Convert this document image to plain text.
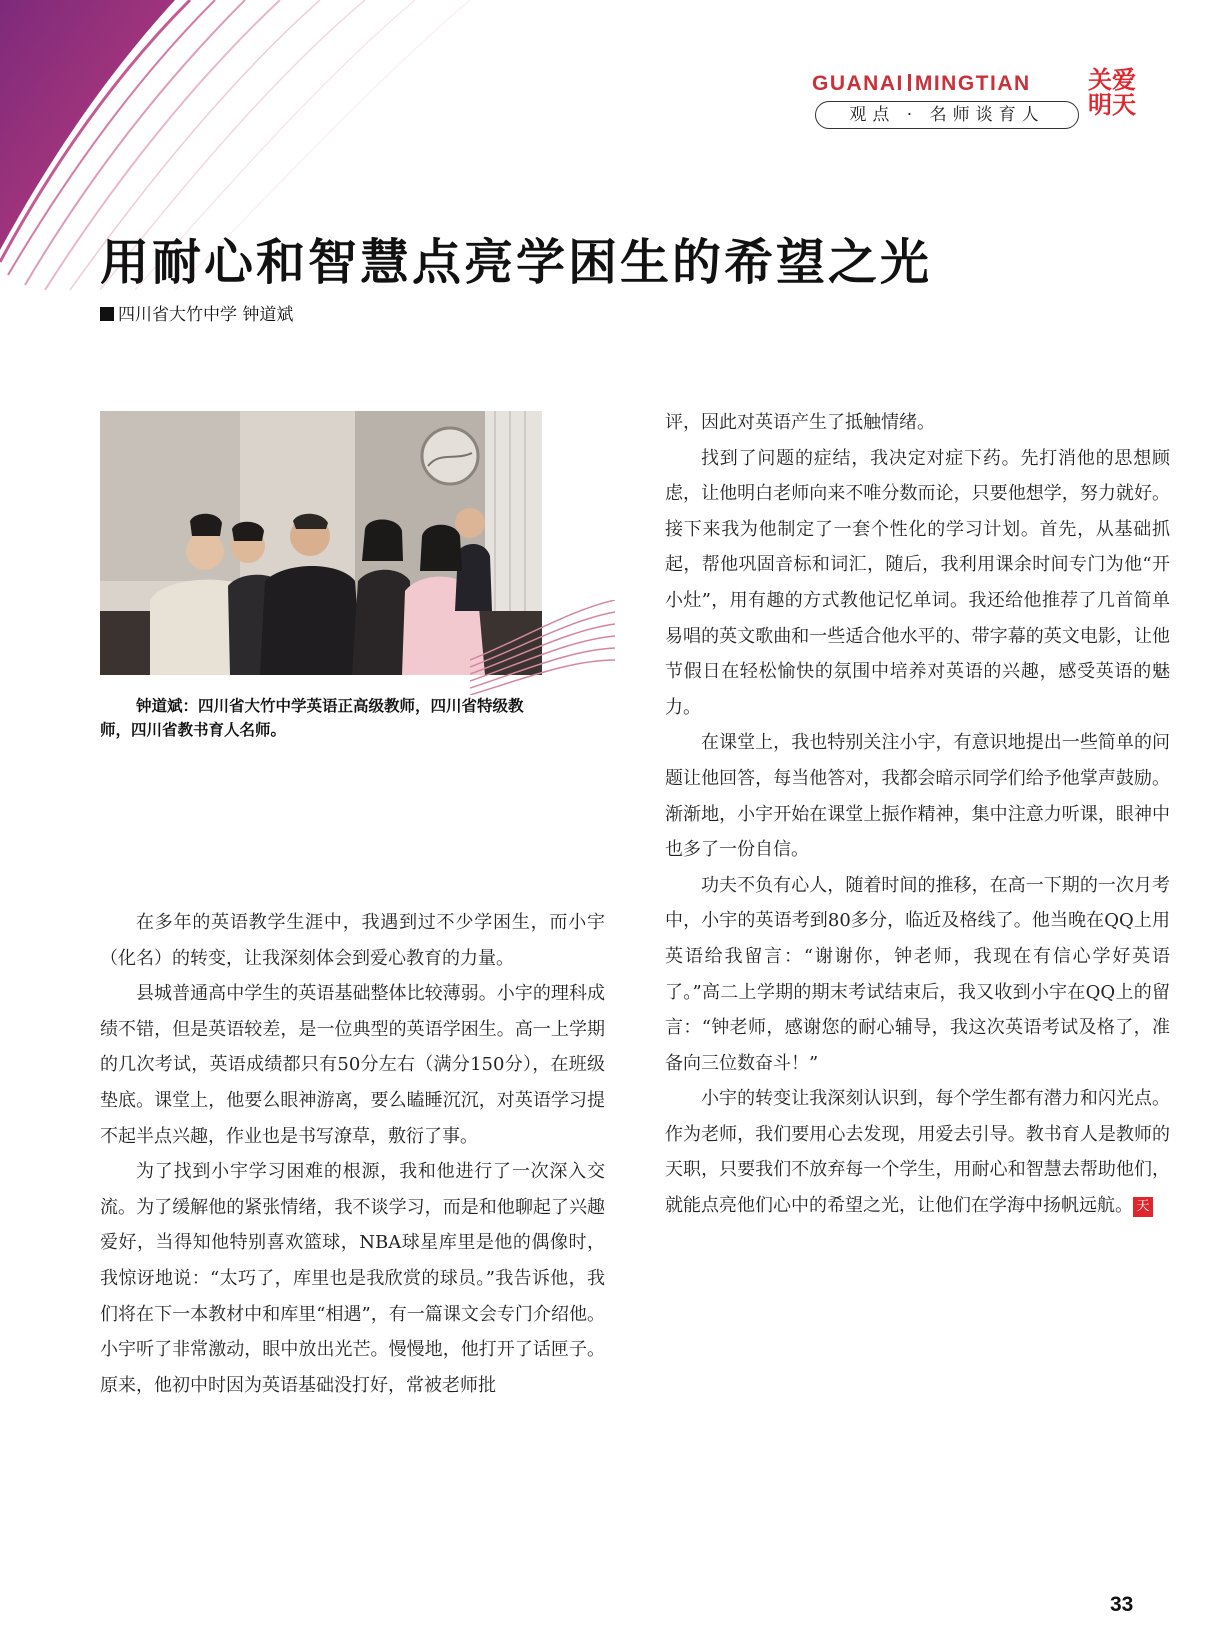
GUANAI MINGTIAN
观点 · 名师谈育人
关爱
明天
用耐心和智慧点亮学困生的希望之光
四川省大竹中学 钟道斌
钟道斌：四川省大竹中学英语正高级教师，四川省特级教师，四川省教书育人名师。

在多年的英语教学生涯中，我遇到过不少学困生，而小宇（化名）的转变，让我深刻体会到爱心教育的力量。

县城普通高中学生的英语基础整体比较薄弱。小宇的理科成绩不错，但是英语较差，是一位典型的英语学困生。高一上学期的几次考试，英语成绩都只有50分左右（满分150分），在班级垫底。课堂上，他要么眼神游离，要么瞌睡沉沉，对英语学习提不起半点兴趣，作业也是书写潦草，敷衍了事。

为了找到小宇学习困难的根源，我和他进行了一次深入交流。为了缓解他的紧张情绪，我不谈学习，而是和他聊起了兴趣爱好，当得知他特别喜欢篮球，NBA球星库里是他的偶像时，我惊讶地说：“太巧了，库里也是我欣赏的球员。”我告诉他，我们将在下一本教材中和库里“相遇”，有一篇课文会专门介绍他。小宇听了非常激动，眼中放出光芒。慢慢地，他打开了话匣子。原来，他初中时因为英语基础没打好，常被老师批

评，因此对英语产生了抵触情绪。

找到了问题的症结，我决定对症下药。先打消他的思想顾虑，让他明白老师向来不唯分数而论，只要他想学，努力就好。接下来我为他制定了一套个性化的学习计划。首先，从基础抓起，帮他巩固音标和词汇，随后，我利用课余时间专门为他“开小灶”，用有趣的方式教他记忆单词。我还给他推荐了几首简单易唱的英文歌曲和一些适合他水平的、带字幕的英文电影，让他节假日在轻松愉快的氛围中培养对英语的兴趣，感受英语的魅力。

在课堂上，我也特别关注小宇，有意识地提出一些简单的问题让他回答，每当他答对，我都会暗示同学们给予他掌声鼓励。渐渐地，小宇开始在课堂上振作精神，集中注意力听课，眼神中也多了一份自信。

功夫不负有心人，随着时间的推移，在高一下期的一次月考中，小宇的英语考到80多分，临近及格线了。他当晚在QQ上用英语给我留言：“谢谢你，钟老师，我现在有信心学好英语了。”高二上学期的期末考试结束后，我又收到小宇在QQ上的留言：“钟老师，感谢您的耐心辅导，我这次英语考试及格了，准备向三位数奋斗！”

小宇的转变让我深刻认识到，每个学生都有潜力和闪光点。作为老师，我们要用心去发现，用爱去引导。教书育人是教师的天职，只要我们不放弃每一个学生，用耐心和智慧去帮助他们，就能点亮他们心中的希望之光，让他们在学海中扬帆远航。 天

33
